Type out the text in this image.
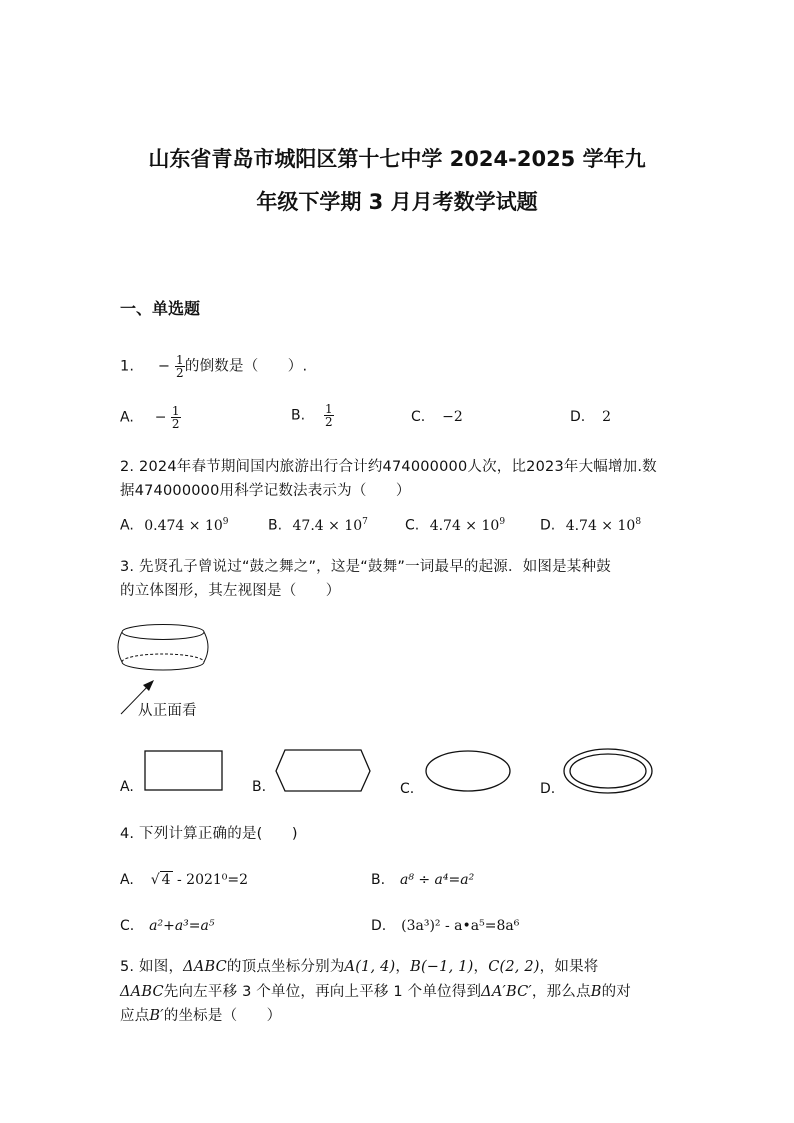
山东省青岛市城阳区第十七中学 2024-2025 学年九
年级下学期 3 月月考数学试题
一、单选题
1. − $\frac{1}{2}$ 的倒数是（　　）.
A. − $\frac{1}{2}$	B. $\frac{1}{2}$	C. −2	D. 2
2. 2024年春节期间国内旅游出行合计约474000000人次，比2023年大幅增加.数
据474000000用科学记数法表示为（　　）
A. $0.474 \times 10^9$	B. $47.4 \times 10^7$	C. $4.74 \times 10^9$ D. $4.74 \times 10^8$
3. 先贤孔子曾说过“鼓之舞之”，这是“鼓舞”一词最早的起源．如图是某种鼓
的立体图形，其左视图是（　　）
从正面看
A.	B.	C.	D.
4. 下列计算正确的是(　　)
A. √ 4 - 2021⁰=2	B. a⁸ ÷ a⁴=a²
C. a²+a³=a⁵	D. (3a³)² - a•a⁵=8a⁶
5. 如图，ΔABC的顶点坐标分别为A(1, 4)，B(−1, 1)，C(2, 2)，如果将
ΔABC先向左平移 3 个单位，再向上平移 1 个单位得到ΔA′BC′，那么点B的对
应点B′的坐标是（　　）
